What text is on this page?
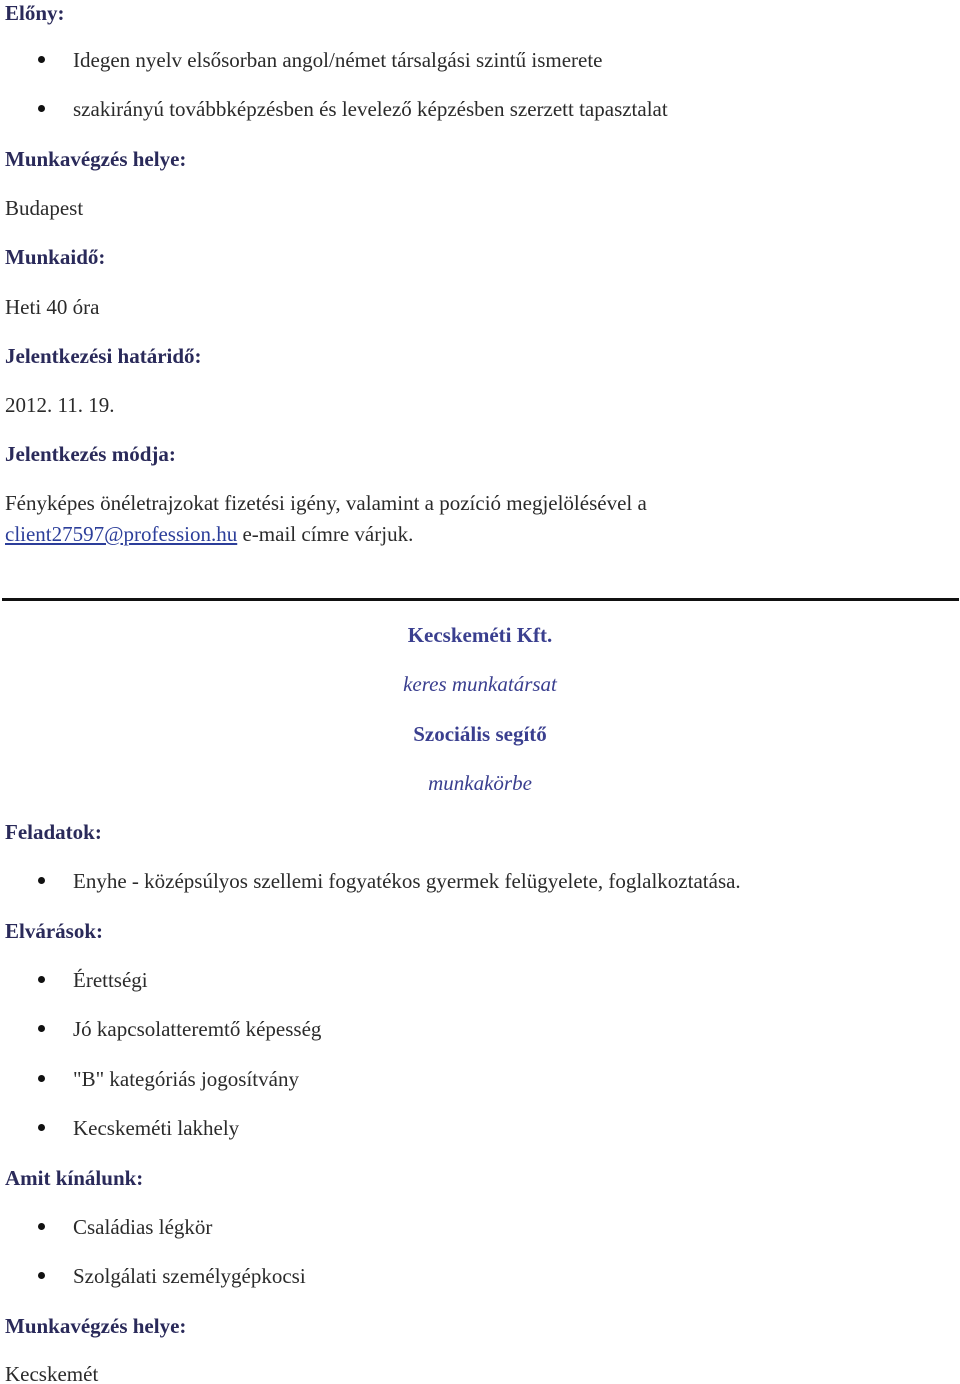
Előny:
Idegen nyelv elsősorban angol/német társalgási szintű ismerete
szakirányú továbbképzésben és levelező képzésben szerzett tapasztalat
Munkavégzés helye:
Budapest
Munkaidő:
Heti 40 óra
Jelentkezési határidő:
2012. 11. 19.
Jelentkezés módja:
Fényképes önéletrajzokat fizetési igény, valamint a pozíció megjelölésével a
client27597@profession.hu e-mail címre várjuk.
Kecskeméti Kft.
keres munkatársat
Szociális segítő
munkakörbe
Feladatok:
Enyhe - középsúlyos szellemi fogyatékos gyermek felügyelete, foglalkoztatása.
Elvárások:
Érettségi
Jó kapcsolatteremtő képesség
"B" kategóriás jogosítvány
Kecskeméti lakhely
Amit kínálunk:
Családias légkör
Szolgálati személygépkocsi
Munkavégzés helye:
Kecskemét
